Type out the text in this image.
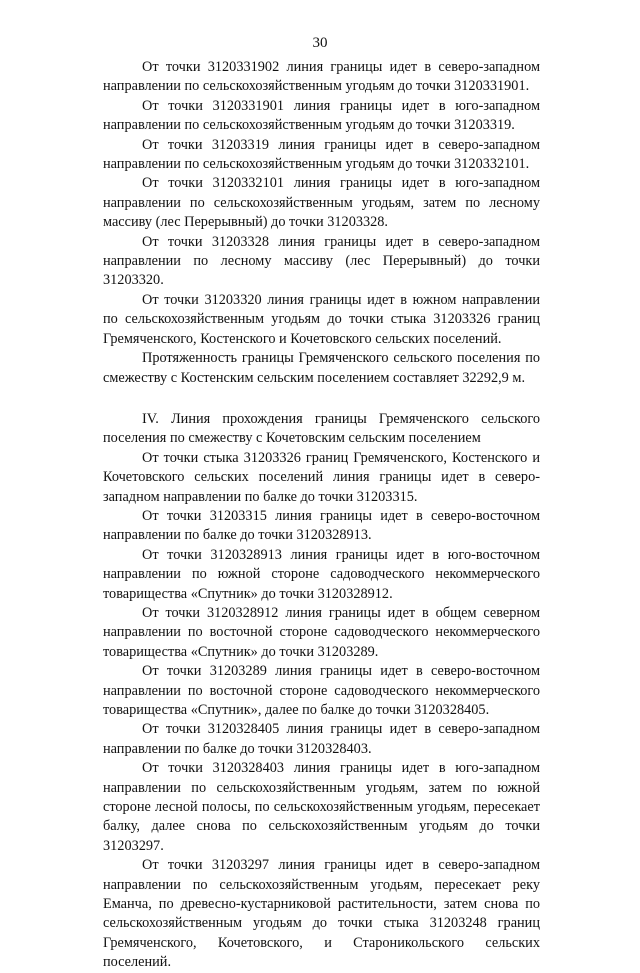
30

От точки 3120331902 линия границы идет в северо-западном направлении по сельскохозяйственным угодьям до точки 3120331901.

От точки 3120331901 линия границы идет в юго-западном направлении по сельскохозяйственным угодьям до точки 31203319.

От точки 31203319 линия границы идет в северо-западном направлении по сельскохозяйственным угодьям до точки 3120332101.

От точки 3120332101 линия границы идет в юго-западном направлении по сельскохозяйственным угодьям, затем по лесному массиву (лес Перерывный) до точки 31203328.

От точки 31203328 линия границы идет в северо-западном направлении по лесному массиву (лес Перерывный) до точки 31203320.

От точки 31203320 линия границы идет в южном направлении по сельскохозяйственным угодьям до точки стыка 31203326 границ Гремяченского, Костенского и Кочетовского сельских поселений.

Протяженность границы Гремяченского сельского поселения по смежеству с Костенским сельским поселением составляет 32292,9 м.

IV. Линия прохождения границы Гремяченского сельского поселения по смежеству с Кочетовским сельским поселением

От точки стыка 31203326 границ Гремяченского, Костенского и Кочетовского сельских поселений линия границы идет в северо-западном направлении по балке до точки 31203315.

От точки 31203315 линия границы идет в северо-восточном направлении по балке до точки 3120328913.

От точки 3120328913 линия границы идет в юго-восточном направлении по южной стороне садоводческого некоммерческого товарищества «Спутник» до точки 3120328912.

От точки 3120328912 линия границы идет в общем северном направлении по восточной стороне садоводческого некоммерческого товарищества «Спутник» до точки 31203289.

От точки 31203289 линия границы идет в северо-восточном направлении по восточной стороне садоводческого некоммерческого товарищества «Спутник», далее по балке до точки 3120328405.

От точки 3120328405 линия границы идет в северо-западном направлении по балке до точки 3120328403.

От точки 3120328403 линия границы идет в юго-западном направлении по сельскохозяйственным угодьям, затем по южной стороне лесной полосы, по сельскохозяйственным угодьям, пересекает балку, далее снова по сельскохозяйственным угодьям до точки 31203297.

От точки 31203297 линия границы идет в северо-западном направлении по сельскохозяйственным угодьям, пересекает реку Еманча, по древесно-кустарниковой растительности, затем снова по сельскохозяйственным угодьям до точки стыка 31203248 границ Гремяченского, Кочетовского, и Староникольского сельских поселений.
